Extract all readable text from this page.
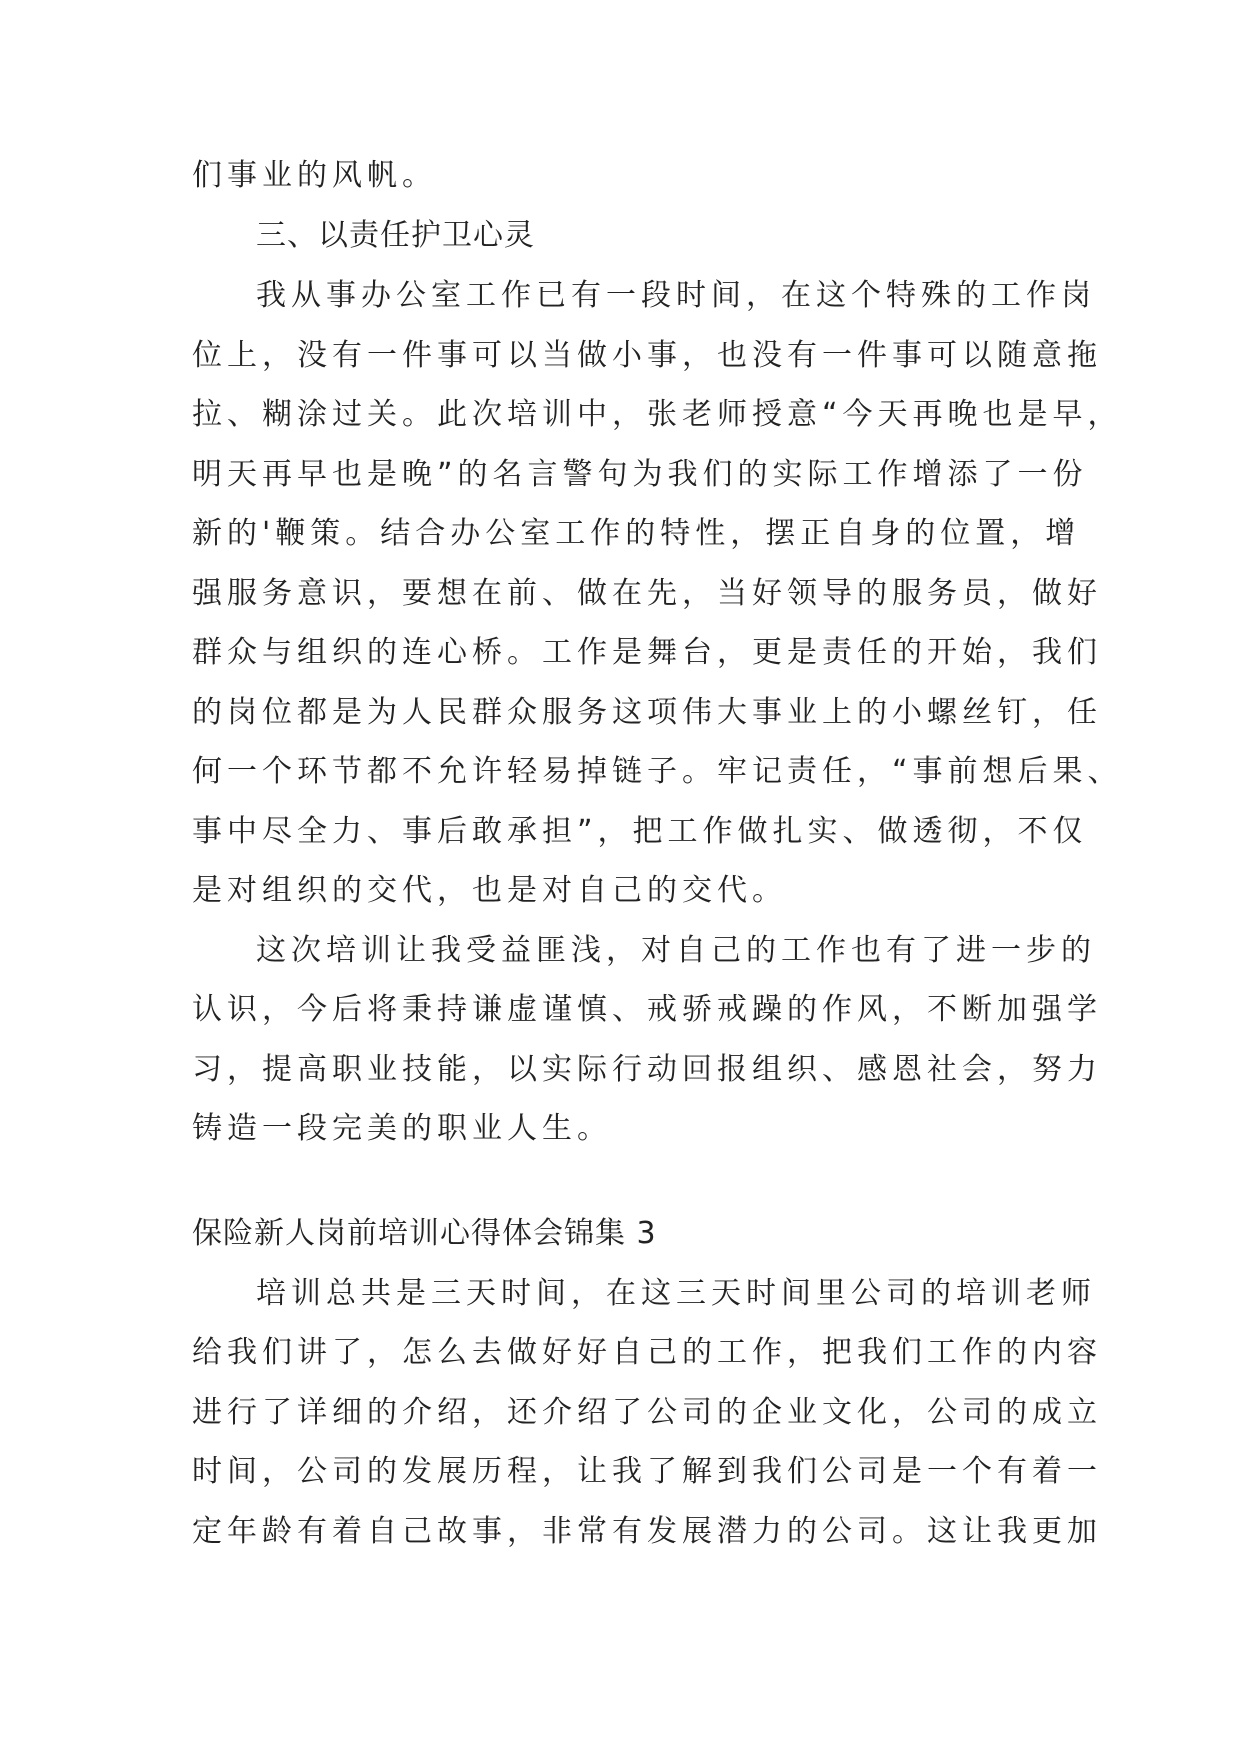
们事业的风帆。
三、以责任护卫心灵
我从事办公室工作已有一段时间，在这个特殊的工作岗
位上，没有一件事可以当做小事，也没有一件事可以随意拖
拉、糊涂过关。此次培训中，张老师授意“今天再晚也是早，
明天再早也是晚”的名言警句为我们的实际工作增添了一份
新的'鞭策。结合办公室工作的特性，摆正自身的位置，增
强服务意识，要想在前、做在先，当好领导的服务员，做好
群众与组织的连心桥。工作是舞台，更是责任的开始，我们
的岗位都是为人民群众服务这项伟大事业上的小螺丝钉，任
何一个环节都不允许轻易掉链子。牢记责任，“事前想后果、
事中尽全力、事后敢承担”，把工作做扎实、做透彻，不仅
是对组织的交代，也是对自己的交代。
这次培训让我受益匪浅，对自己的工作也有了进一步的
认识，今后将秉持谦虚谨慎、戒骄戒躁的作风，不断加强学
习，提高职业技能，以实际行动回报组织、感恩社会，努力
铸造一段完美的职业人生。
保险新人岗前培训心得体会锦集 3
培训总共是三天时间，在这三天时间里公司的培训老师
给我们讲了，怎么去做好好自己的工作，把我们工作的内容
进行了详细的介绍，还介绍了公司的企业文化，公司的成立
时间，公司的发展历程，让我了解到我们公司是一个有着一
定年龄有着自己故事，非常有发展潜力的公司。这让我更加
